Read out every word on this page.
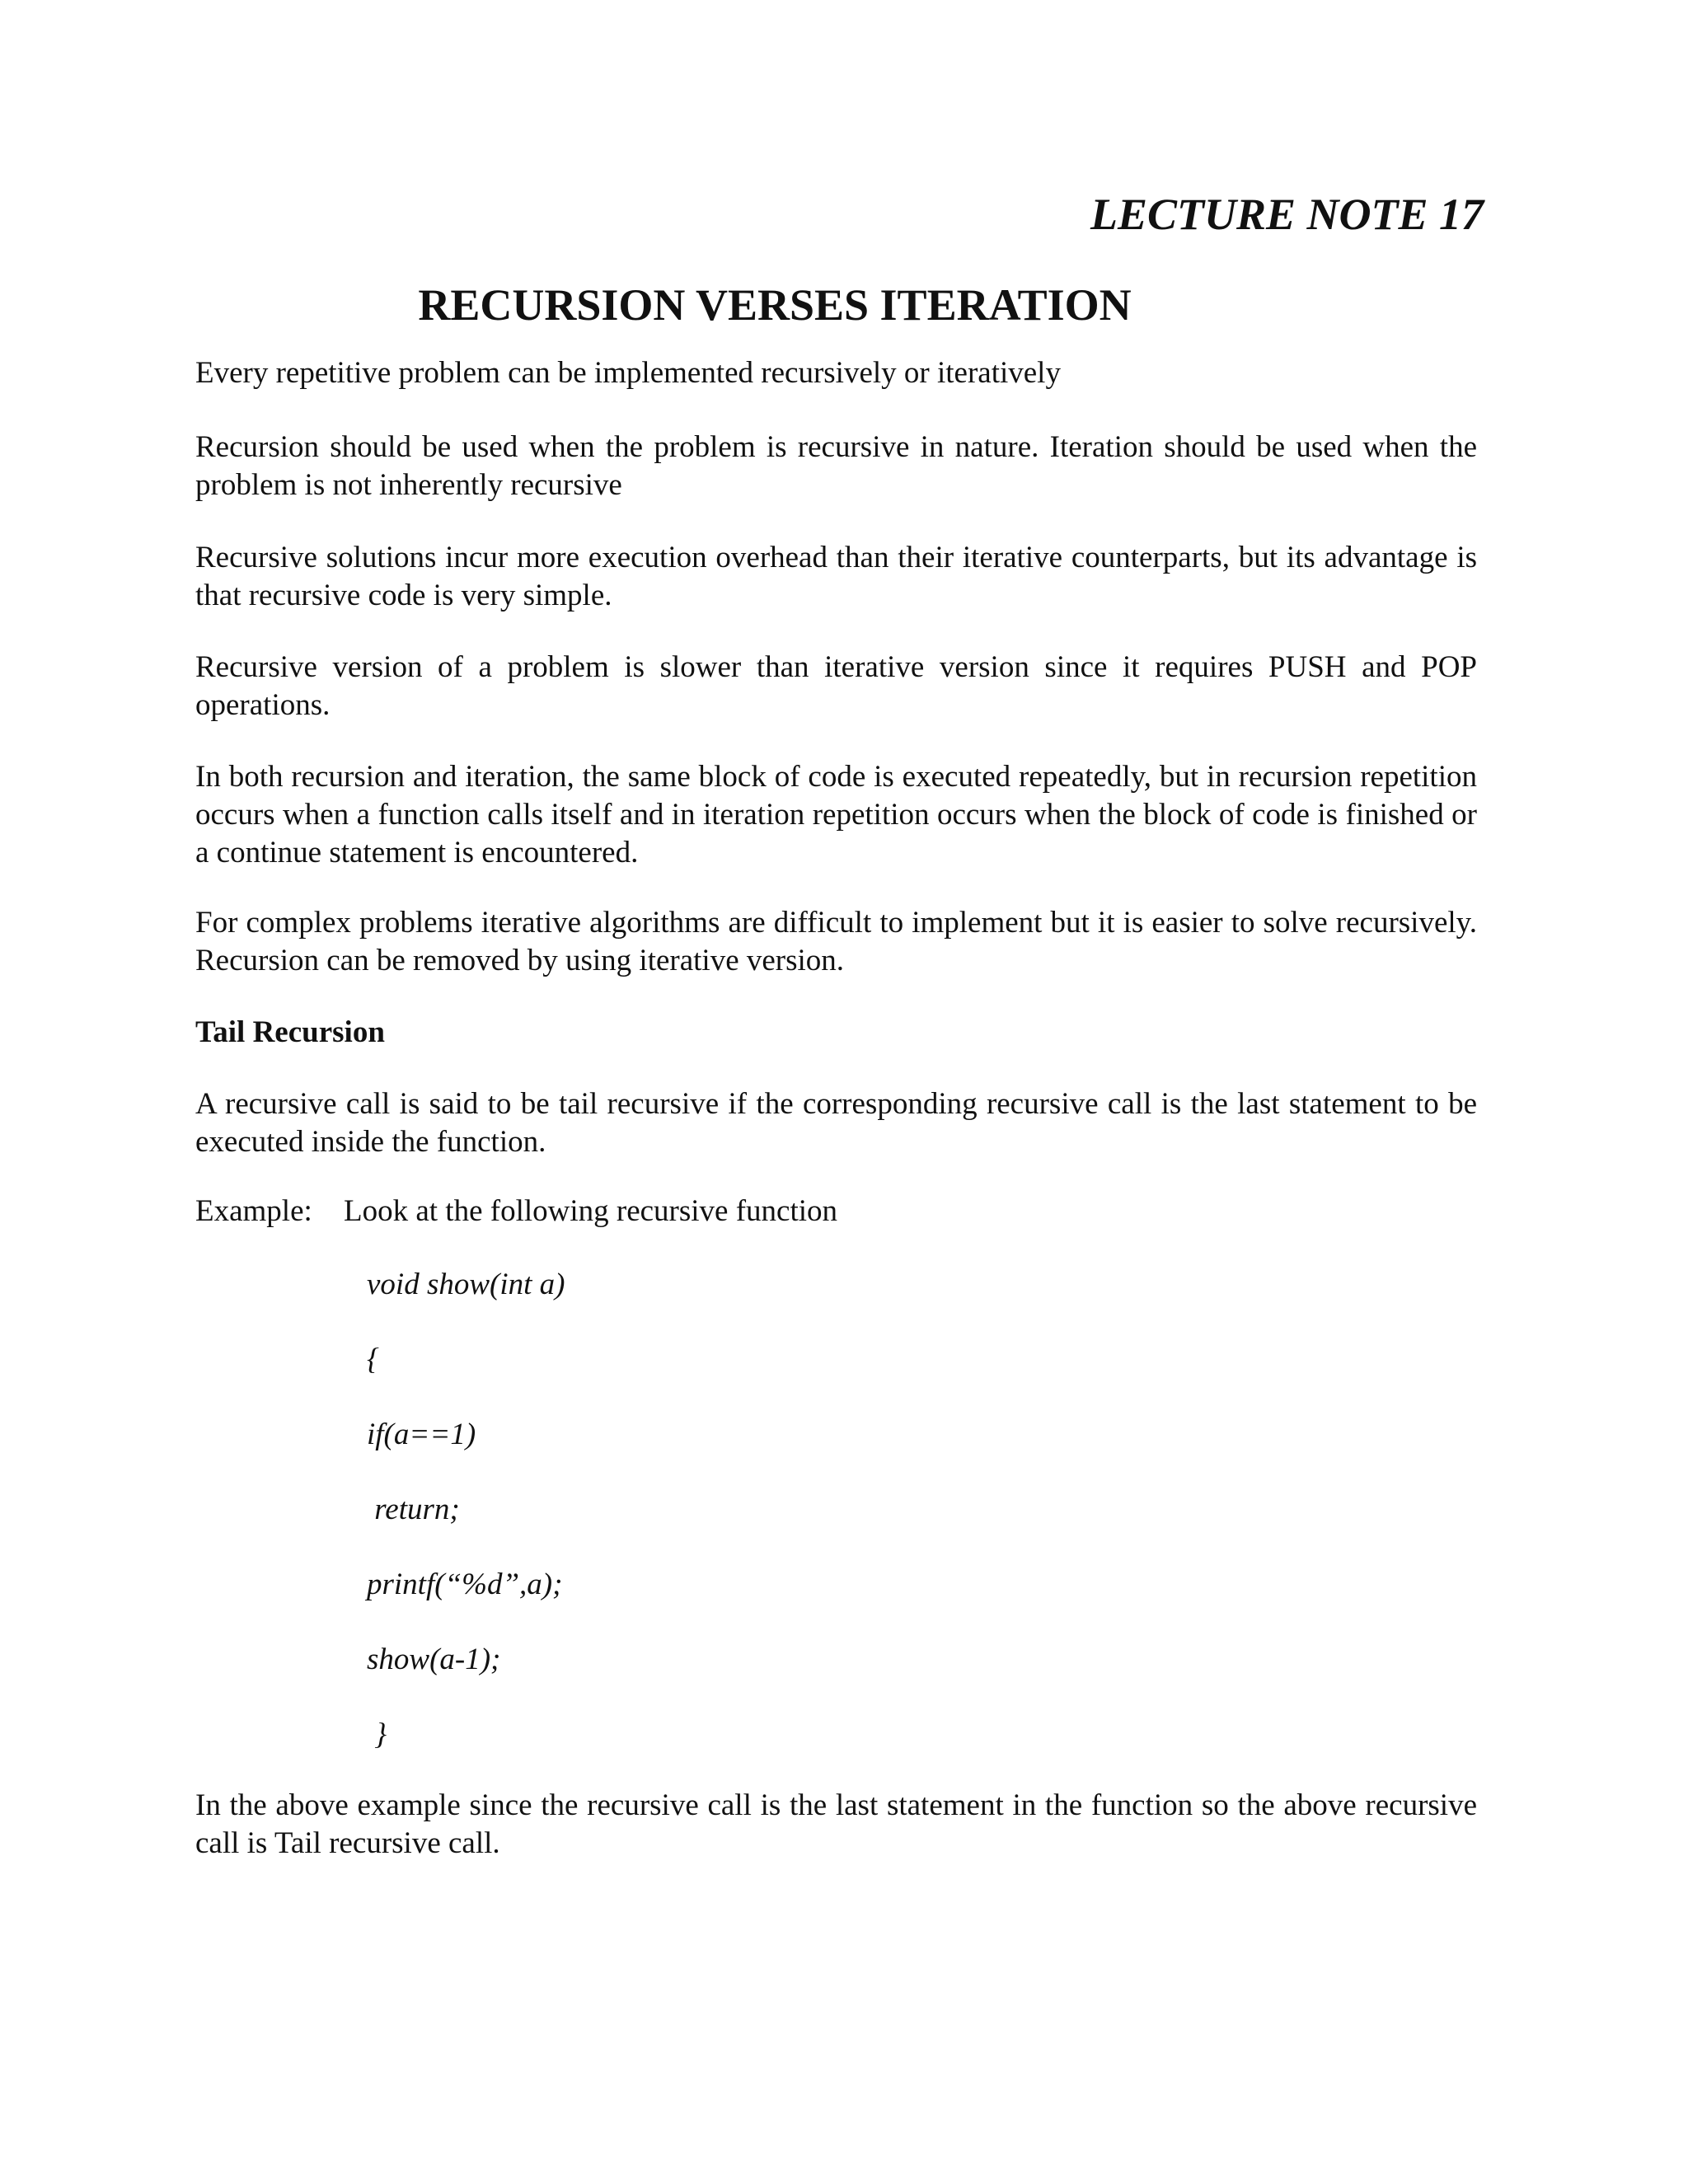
LECTURE NOTE 17
RECURSION VERSES ITERATION

Every repetitive problem can be implemented recursively or iteratively

Recursion should be used when the problem is recursive in nature. Iteration should be used when the problem is not inherently recursive

Recursive solutions incur more execution overhead than their iterative counterparts, but its advantage is that recursive code is very simple.

Recursive version of a problem is slower than iterative version since it requires PUSH and POP operations.

In both recursion and iteration, the same block of code is executed repeatedly, but in recursion repetition occurs when a function calls itself and in iteration repetition occurs when the block of code is finished or a continue statement is encountered.

For complex problems iterative algorithms are difficult to implement but it is easier to solve recursively. Recursion can be removed by using iterative version.

Tail Recursion

A recursive call is said to be tail recursive if the corresponding recursive call is the last statement to be executed inside the function.

Example: Look at the following recursive function
void show(int a)
{
if(a==1)
return;
printf(“%d”,a);
show(a-1);
}

In the above example since the recursive call is the last statement in the function so the above recursive call is Tail recursive call.
